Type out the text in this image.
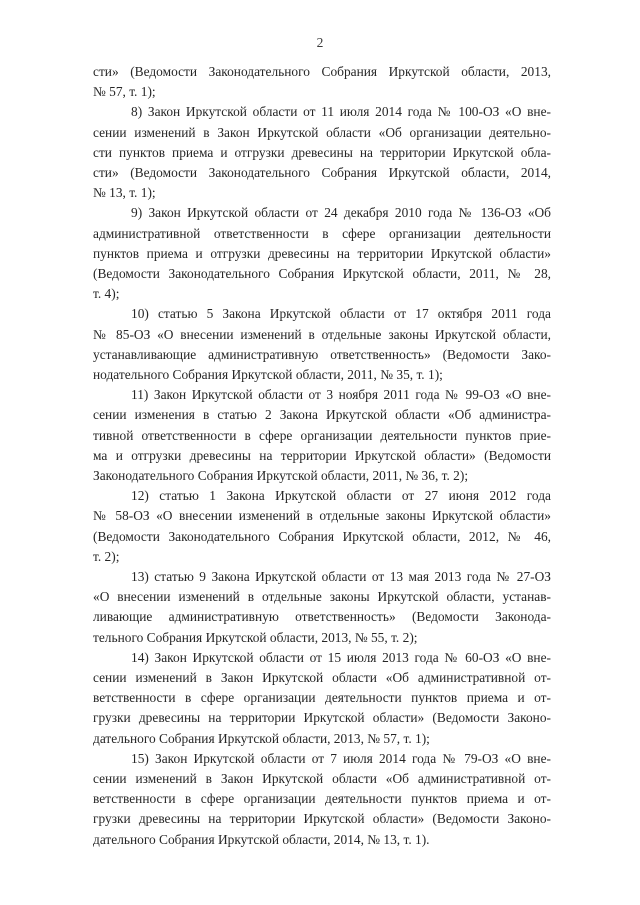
2
сти» (Ведомости Законодательного Собрания Иркутской области, 2013,
№ 57, т. 1);
8) Закон Иркутской области от 11 июля 2014 года № 100-ОЗ «О вне-
сении изменений в Закон Иркутской области «Об организации деятельно-
сти пунктов приема и отгрузки древесины на территории Иркутской обла-
сти» (Ведомости Законодательного Собрания Иркутской области, 2014,
№ 13, т. 1);
9) Закон Иркутской области от 24 декабря 2010 года № 136-ОЗ «Об
административной ответственности в сфере организации деятельности
пунктов приема и отгрузки древесины на территории Иркутской области»
(Ведомости Законодательного Собрания Иркутской области, 2011, № 28,
т. 4);
10) статью 5 Закона Иркутской области от 17 октября 2011 года
№ 85-ОЗ «О внесении изменений в отдельные законы Иркутской области,
устанавливающие административную ответственность» (Ведомости Зако-
нодательного Собрания Иркутской области, 2011, № 35, т. 1);
11) Закон Иркутской области от 3 ноября 2011 года № 99-ОЗ «О вне-
сении изменения в статью 2 Закона Иркутской области «Об администра-
тивной ответственности в сфере организации деятельности пунктов прие-
ма и отгрузки древесины на территории Иркутской области» (Ведомости
Законодательного Собрания Иркутской области, 2011, № 36, т. 2);
12) статью 1 Закона Иркутской области от 27 июня 2012 года
№ 58-ОЗ «О внесении изменений в отдельные законы Иркутской области»
(Ведомости Законодательного Собрания Иркутской области, 2012, № 46,
т. 2);
13) статью 9 Закона Иркутской области от 13 мая 2013 года № 27-ОЗ
«О внесении изменений в отдельные законы Иркутской области, устанав-
ливающие административную ответственность» (Ведомости Законода-
тельного Собрания Иркутской области, 2013, № 55, т. 2);
14) Закон Иркутской области от 15 июля 2013 года № 60-ОЗ «О вне-
сении изменений в Закон Иркутской области «Об административной от-
ветственности в сфере организации деятельности пунктов приема и от-
грузки древесины на территории Иркутской области» (Ведомости Законо-
дательного Собрания Иркутской области, 2013, № 57, т. 1);
15) Закон Иркутской области от 7 июля 2014 года № 79-ОЗ «О вне-
сении изменений в Закон Иркутской области «Об административной от-
ветственности в сфере организации деятельности пунктов приема и от-
грузки древесины на территории Иркутской области» (Ведомости Законо-
дательного Собрания Иркутской области, 2014, № 13, т. 1).
